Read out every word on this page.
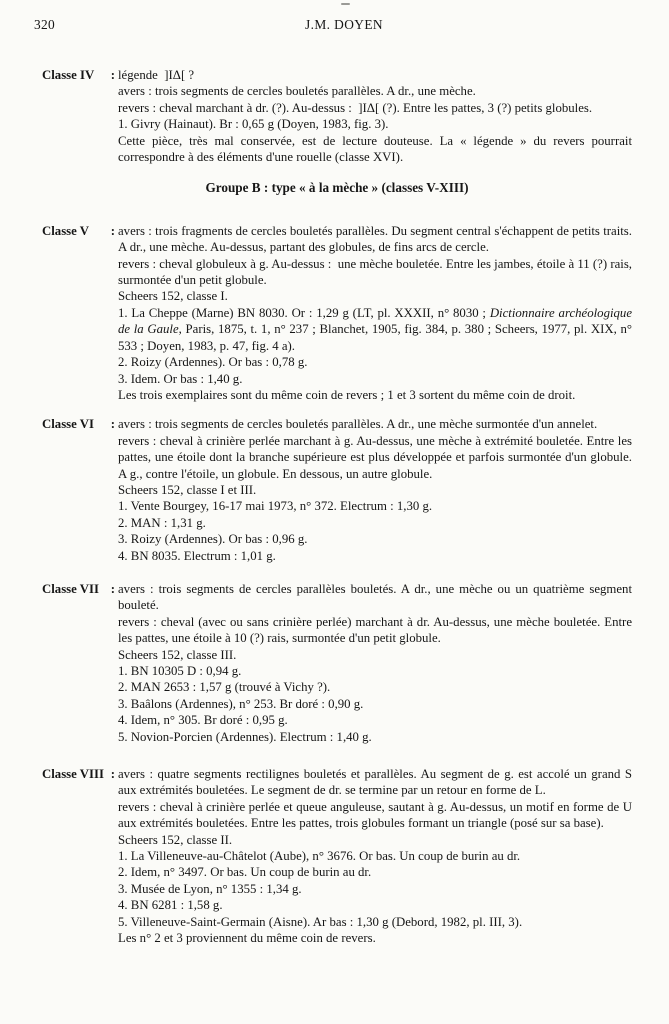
320	J.M. DOYEN
Classe IV : légende  ]IΔ[ ?
avers : trois segments de cercles bouletés parallèles. A dr., une mèche.
revers : cheval marchant à dr. (?). Au-dessus :  ]IΔ[ (?). Entre les pattes, 3 (?) petits globules.
1. Givry (Hainaut). Br : 0,65 g (Doyen, 1983, fig. 3).
Cette pièce, très mal conservée, est de lecture douteuse. La « légende » du revers pourrait correspondre à des éléments d'une rouelle (classe XVI).
Groupe B : type « à la mèche » (classes V-XIII)
Classe V : avers : trois fragments de cercles bouletés parallèles. Du segment central s'échappent de petits traits. A dr., une mèche. Au-dessus, partant des globules, de fins arcs de cercle.
revers : cheval globuleux à g. Au-dessus :  une mèche bouletée. Entre les jambes, étoile à 11 (?) rais, surmontée d'un petit globule.
Scheers 152, classe I.
1. La Cheppe (Marne) BN 8030. Or : 1,29 g (LT, pl. XXXII, n° 8030 ; Dictionnaire archéologique de la Gaule, Paris, 1875, t. 1, n° 237 ; Blanchet, 1905, fig. 384, p. 380 ; Scheers, 1977, pl. XIX, n° 533 ; Doyen, 1983, p. 47, fig. 4 a).
2. Roizy (Ardennes). Or bas : 0,78 g.
3. Idem. Or bas : 1,40 g.
Les trois exemplaires sont du même coin de revers ; 1 et 3 sortent du même coin de droit.
Classe VI : avers : trois segments de cercles bouletés parallèles. A dr., une mèche surmontée d'un annelet.
revers : cheval à crinière perlée marchant à g. Au-dessus, une mèche à extrémité bouletée. Entre les pattes, une étoile dont la branche supérieure est plus développée et parfois surmontée d'un globule. A g., contre l'étoile, un globule. En dessous, un autre globule.
Scheers 152, classe I et III.
1. Vente Bourgey, 16-17 mai 1973, n° 372. Electrum : 1,30 g.
2. MAN : 1,31 g.
3. Roizy (Ardennes). Or bas : 0,96 g.
4. BN 8035. Electrum : 1,01 g.
Classe VII : avers : trois segments de cercles parallèles bouletés. A dr., une mèche ou un quatrième segment bouleté.
revers : cheval (avec ou sans crinière perlée) marchant à dr. Au-dessus, une mèche bouletée. Entre les pattes, une étoile à 10 (?) rais, surmontée d'un petit globule.
Scheers 152, classe III.
1. BN 10305 D : 0,94 g.
2. MAN 2653 : 1,57 g (trouvé à Vichy ?).
3. Baâlons (Ardennes), n° 253. Br doré : 0,90 g.
4. Idem, n° 305. Br doré : 0,95 g.
5. Novion-Porcien (Ardennes). Electrum : 1,40 g.
Classe VIII : avers : quatre segments rectilignes bouletés et parallèles. Au segment de g. est accolé un grand S aux extrémités bouletées. Le segment de dr. se termine par un retour en forme de L.
revers : cheval à crinière perlée et queue anguleuse, sautant à g. Au-dessus, un motif en forme de U aux extrémités bouletées. Entre les pattes, trois globules formant un triangle (posé sur sa base).
Scheers 152, classe II.
1. La Villeneuve-au-Châtelot (Aube), n° 3676. Or bas. Un coup de burin au dr.
2. Idem, n° 3497. Or bas. Un coup de burin au dr.
3. Musée de Lyon, n° 1355 : 1,34 g.
4. BN 6281 : 1,58 g.
5. Villeneuve-Saint-Germain (Aisne). Ar bas : 1,30 g (Debord, 1982, pl. III, 3).
Les n° 2 et 3 proviennent du même coin de revers.
